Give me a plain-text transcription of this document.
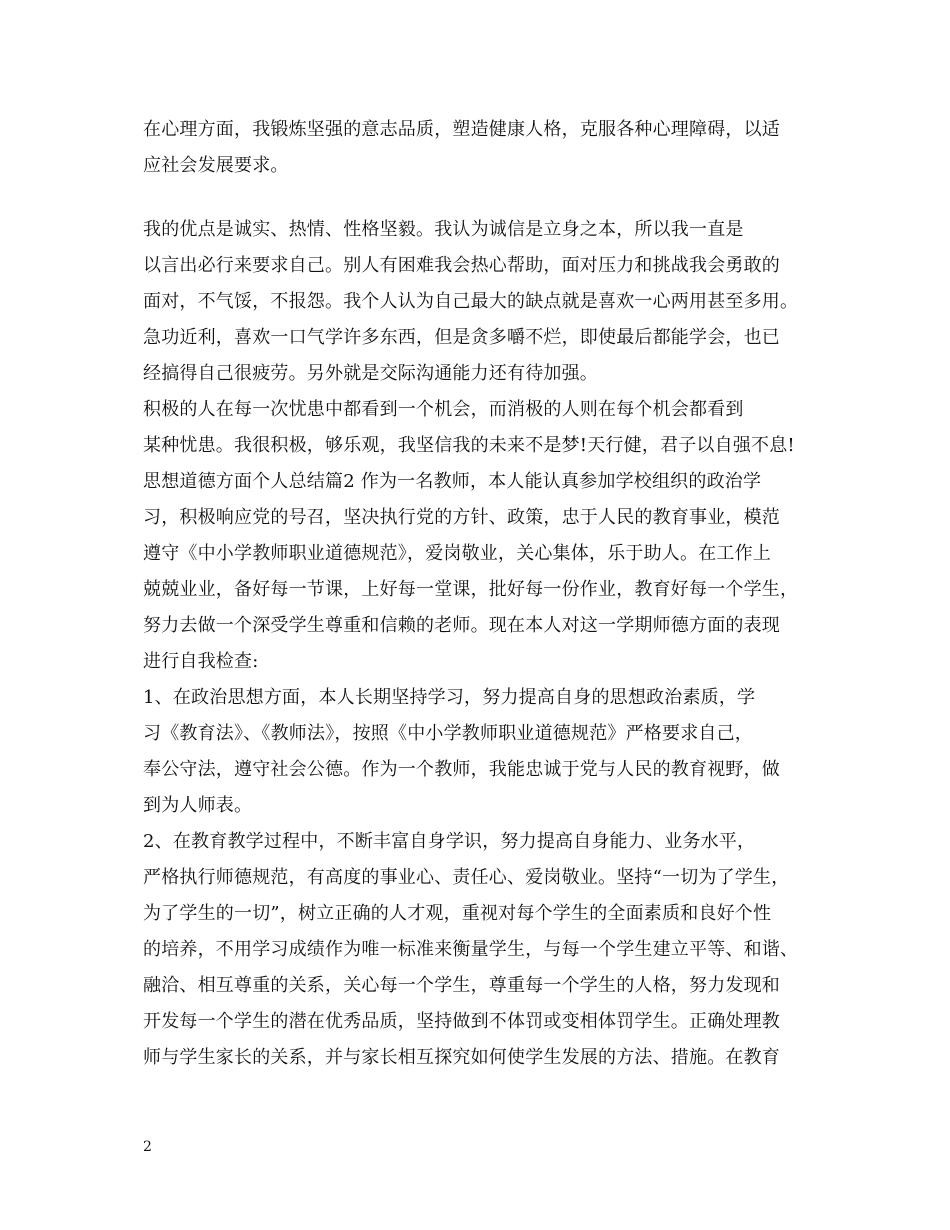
在心理方面，我锻炼坚强的意志品质，塑造健康人格，克服各种心理障碍，以适
应社会发展要求。
我的优点是诚实、热情、性格坚毅。我认为诚信是立身之本，所以我一直是
以言出必行来要求自己。别人有困难我会热心帮助，面对压力和挑战我会勇敢的
面对，不气馁，不报怨。我个人认为自己最大的缺点就是喜欢一心两用甚至多用。
急功近利，喜欢一口气学许多东西，但是贪多嚼不烂，即使最后都能学会，也已
经搞得自己很疲劳。另外就是交际沟通能力还有待加强。
积极的人在每一次忧患中都看到一个机会，而消极的人则在每个机会都看到
某种忧患。我很积极，够乐观，我坚信我的未来不是梦!天行健，君子以自强不息!
思想道德方面个人总结篇2 作为一名教师，本人能认真参加学校组织的政治学
习，积极响应党的号召，坚决执行党的方针、政策，忠于人民的教育事业，模范
遵守《中小学教师职业道德规范》，爱岗敬业，关心集体，乐于助人。在工作上
兢兢业业，备好每一节课，上好每一堂课，批好每一份作业，教育好每一个学生，
努力去做一个深受学生尊重和信赖的老师。现在本人对这一学期师德方面的表现
进行自我检查:
1、在政治思想方面，本人长期坚持学习，努力提高自身的思想政治素质，学
习《教育法》、《教师法》，按照《中小学教师职业道德规范》严格要求自己，
奉公守法，遵守社会公德。作为一个教师，我能忠诚于党与人民的教育视野，做
到为人师表。
2、在教育教学过程中，不断丰富自身学识，努力提高自身能力、业务水平，
严格执行师德规范，有高度的事业心、责任心、爱岗敬业。坚持“一切为了学生，
为了学生的一切”，树立正确的人才观，重视对每个学生的全面素质和良好个性
的培养，不用学习成绩作为唯一标准来衡量学生，与每一个学生建立平等、和谐、
融洽、相互尊重的关系，关心每一个学生，尊重每一个学生的人格，努力发现和
开发每一个学生的潜在优秀品质，坚持做到不体罚或变相体罚学生。正确处理教
师与学生家长的关系，并与家长相互探究如何使学生发展的方法、措施。在教育
2
